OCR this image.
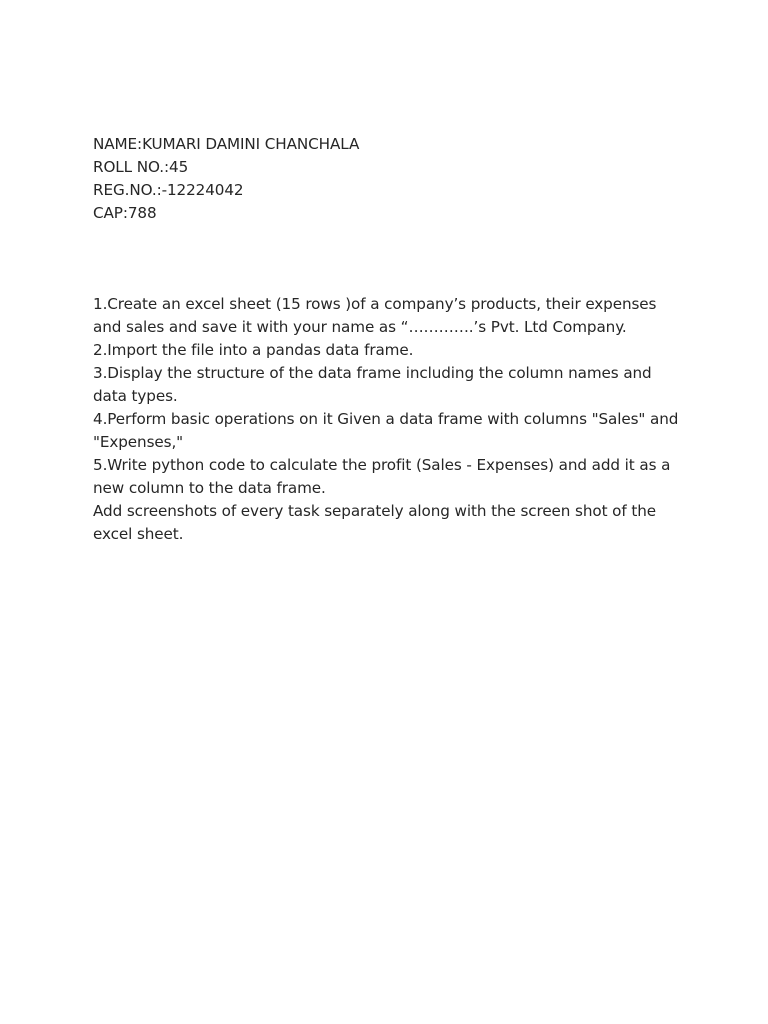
NAME:KUMARI DAMINI CHANCHALA
ROLL NO.:45
REG.NO.:-12224042
CAP:788

1.Create an excel sheet (15 rows )of a company’s products, their expenses and sales and save it with your name as “………….’s Pvt. Ltd Company.

2.Import the file into a pandas data frame.

3.Display the structure of the data frame including the column names and data types.

4.Perform basic operations on it Given a data frame with columns "Sales" and "Expenses,"

5.Write python code to calculate the profit (Sales - Expenses) and add it as a new column to the data frame.

Add screenshots of every task separately along with the screen shot of the excel sheet.
